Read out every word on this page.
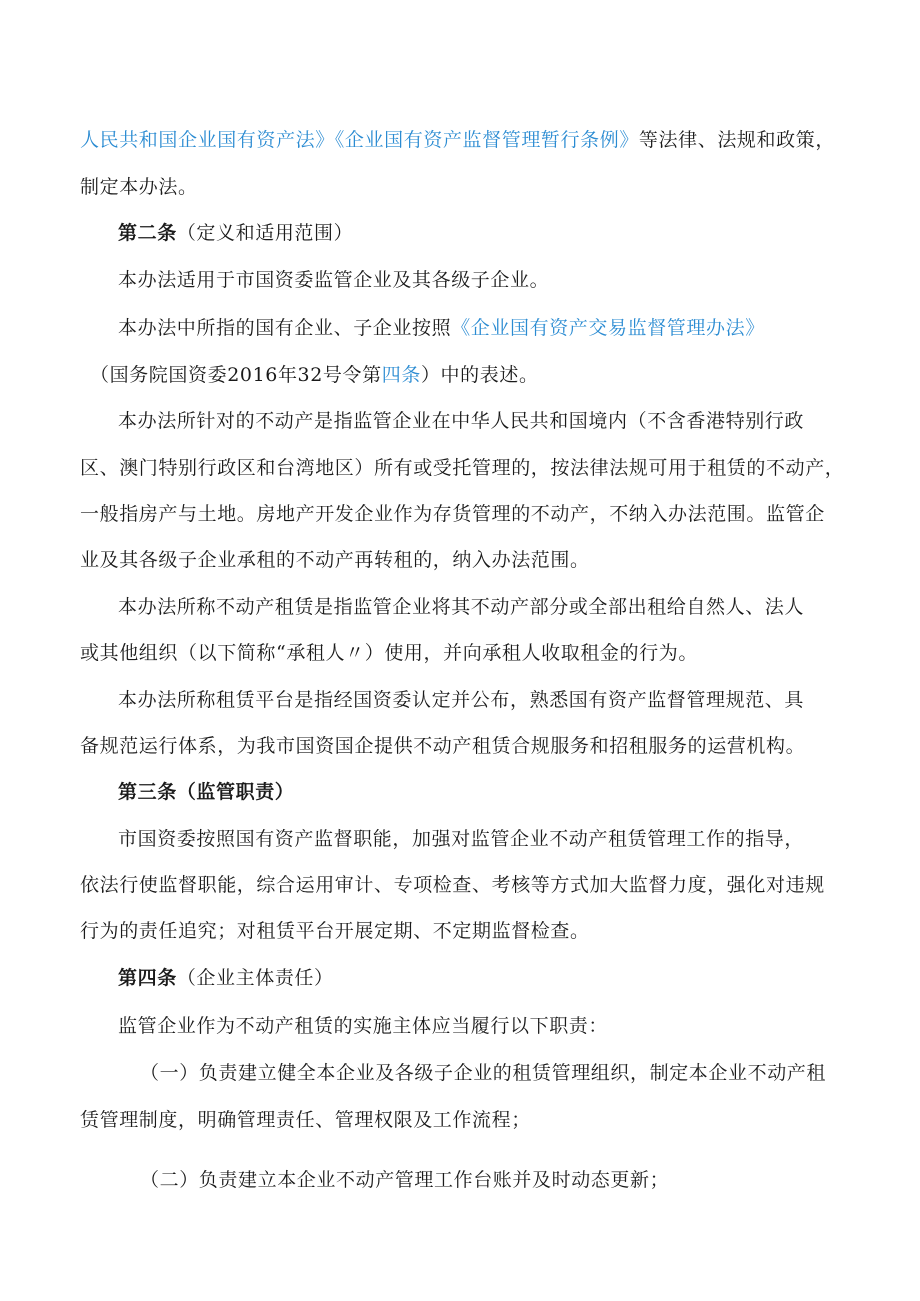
人民共和国企业国有资产法》《企业国有资产监督管理暂行条例》等法律、法规和政策，
制定本办法。
第二条（定义和适用范围）
本办法适用于市国资委监管企业及其各级子企业。
本办法中所指的国有企业、子企业按照《企业国有资产交易监督管理办法》
（国务院国资委2016年32号令第四条）中的表述。
本办法所针对的不动产是指监管企业在中华人民共和国境内（不含香港特别行政
区、澳门特别行政区和台湾地区）所有或受托管理的，按法律法规可用于租赁的不动产，
一般指房产与土地。房地产开发企业作为存货管理的不动产，不纳入办法范围。监管企
业及其各级子企业承租的不动产再转租的，纳入办法范围。
本办法所称不动产租赁是指监管企业将其不动产部分或全部出租给自然人、法人
或其他组织（以下简称“承租人〃）使用，并向承租人收取租金的行为。
本办法所称租赁平台是指经国资委认定并公布，熟悉国有资产监督管理规范、具
备规范运行体系，为我市国资国企提供不动产租赁合规服务和招租服务的运营机构。
第三条（监管职责）
市国资委按照国有资产监督职能，加强对监管企业不动产租赁管理工作的指导，
依法行使监督职能，综合运用审计、专项检查、考核等方式加大监督力度，强化对违规
行为的责任追究；对租赁平台开展定期、不定期监督检查。
第四条（企业主体责任）
监管企业作为不动产租赁的实施主体应当履行以下职责：
（一）负责建立健全本企业及各级子企业的租赁管理组织，制定本企业不动产租
赁管理制度，明确管理责任、管理权限及工作流程；
（二）负责建立本企业不动产管理工作台账并及时动态更新；
